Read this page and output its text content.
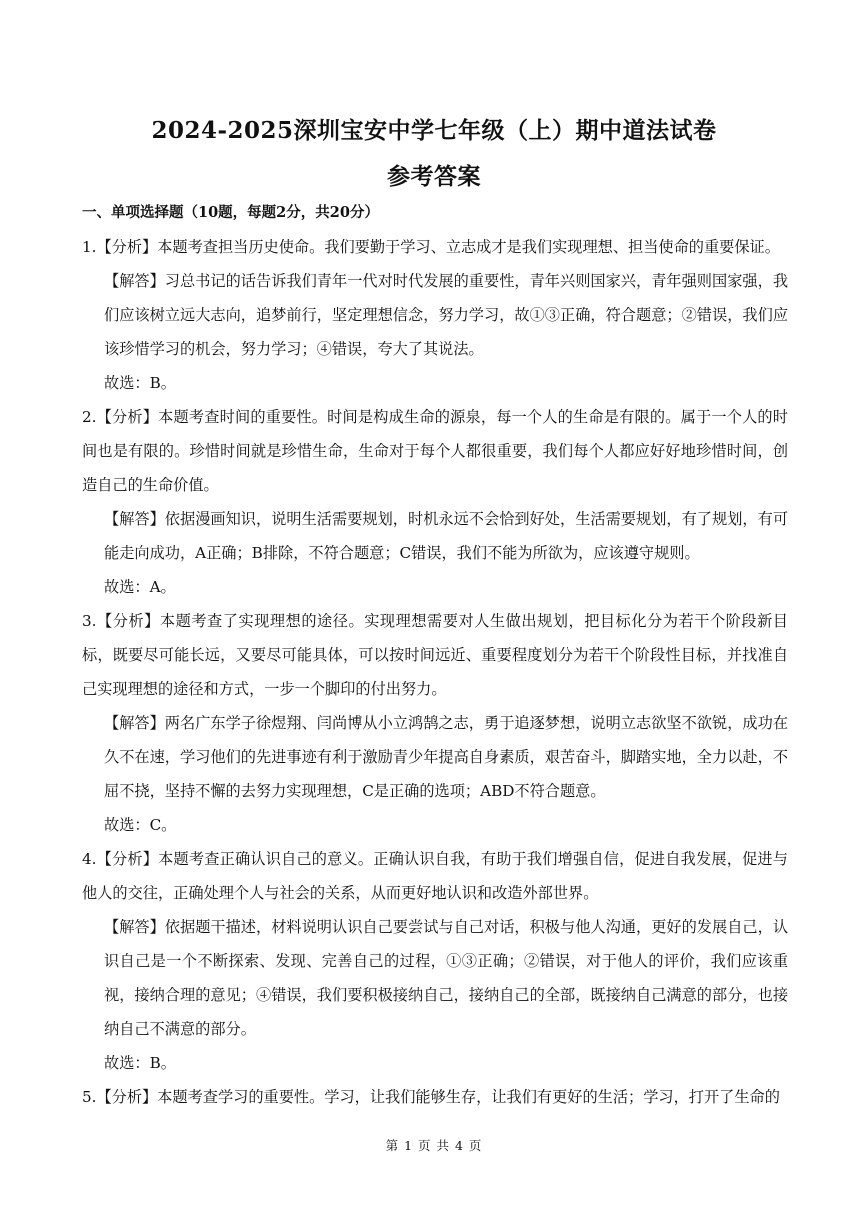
2024-2025深圳宝安中学七年级（上）期中道法试卷
参考答案
一、单项选择题（10题，每题2分，共20分）
1.【分析】本题考查担当历史使命。我们要勤于学习、立志成才是我们实现理想、担当使命的重要保证。
【解答】习总书记的话告诉我们青年一代对时代发展的重要性，青年兴则国家兴，青年强则国家强，我们应该树立远大志向，追梦前行，坚定理想信念，努力学习，故①③正确，符合题意；②错误，我们应该珍惜学习的机会，努力学习；④错误，夸大了其说法。
故选：B。
2.【分析】本题考查时间的重要性。时间是构成生命的源泉，每一个人的生命是有限的。属于一个人的时间也是有限的。珍惜时间就是珍惜生命，生命对于每个人都很重要，我们每个人都应好好地珍惜时间，创造自己的生命价值。
【解答】依据漫画知识，说明生活需要规划，时机永远不会恰到好处，生活需要规划，有了规划，有可能走向成功，A正确；B排除，不符合题意；C错误，我们不能为所欲为，应该遵守规则。
故选：A。
3.【分析】本题考查了实现理想的途径。实现理想需要对人生做出规划，把目标化分为若干个阶段新目标，既要尽可能长远，又要尽可能具体，可以按时间远近、重要程度划分为若干个阶段性目标，并找准自己实现理想的途径和方式，一步一个脚印的付出努力。
【解答】两名广东学子徐煜翔、闫尚博从小立鸿鹄之志，勇于追逐梦想，说明立志欲坚不欲锐，成功在久不在速，学习他们的先进事迹有利于激励青少年提高自身素质，艰苦奋斗，脚踏实地，全力以赴，不屈不挠，坚持不懈的去努力实现理想，C是正确的选项；ABD不符合题意。
故选：C。
4.【分析】本题考查正确认识自己的意义。正确认识自我，有助于我们增强自信，促进自我发展，促进与他人的交往，正确处理个人与社会的关系，从而更好地认识和改造外部世界。
【解答】依据题干描述，材料说明认识自己要尝试与自己对话，积极与他人沟通，更好的发展自己，认识自己是一个不断探索、发现、完善自己的过程，①③正确；②错误，对于他人的评价，我们应该重视，接纳合理的意见；④错误，我们要积极接纳自己，接纳自己的全部，既接纳自己满意的部分，也接纳自己不满意的部分。
故选：B。
5.【分析】本题考查学习的重要性。学习，让我们能够生存，让我们有更好的生活；学习，打开了生命的
第 1 页 共 4 页
